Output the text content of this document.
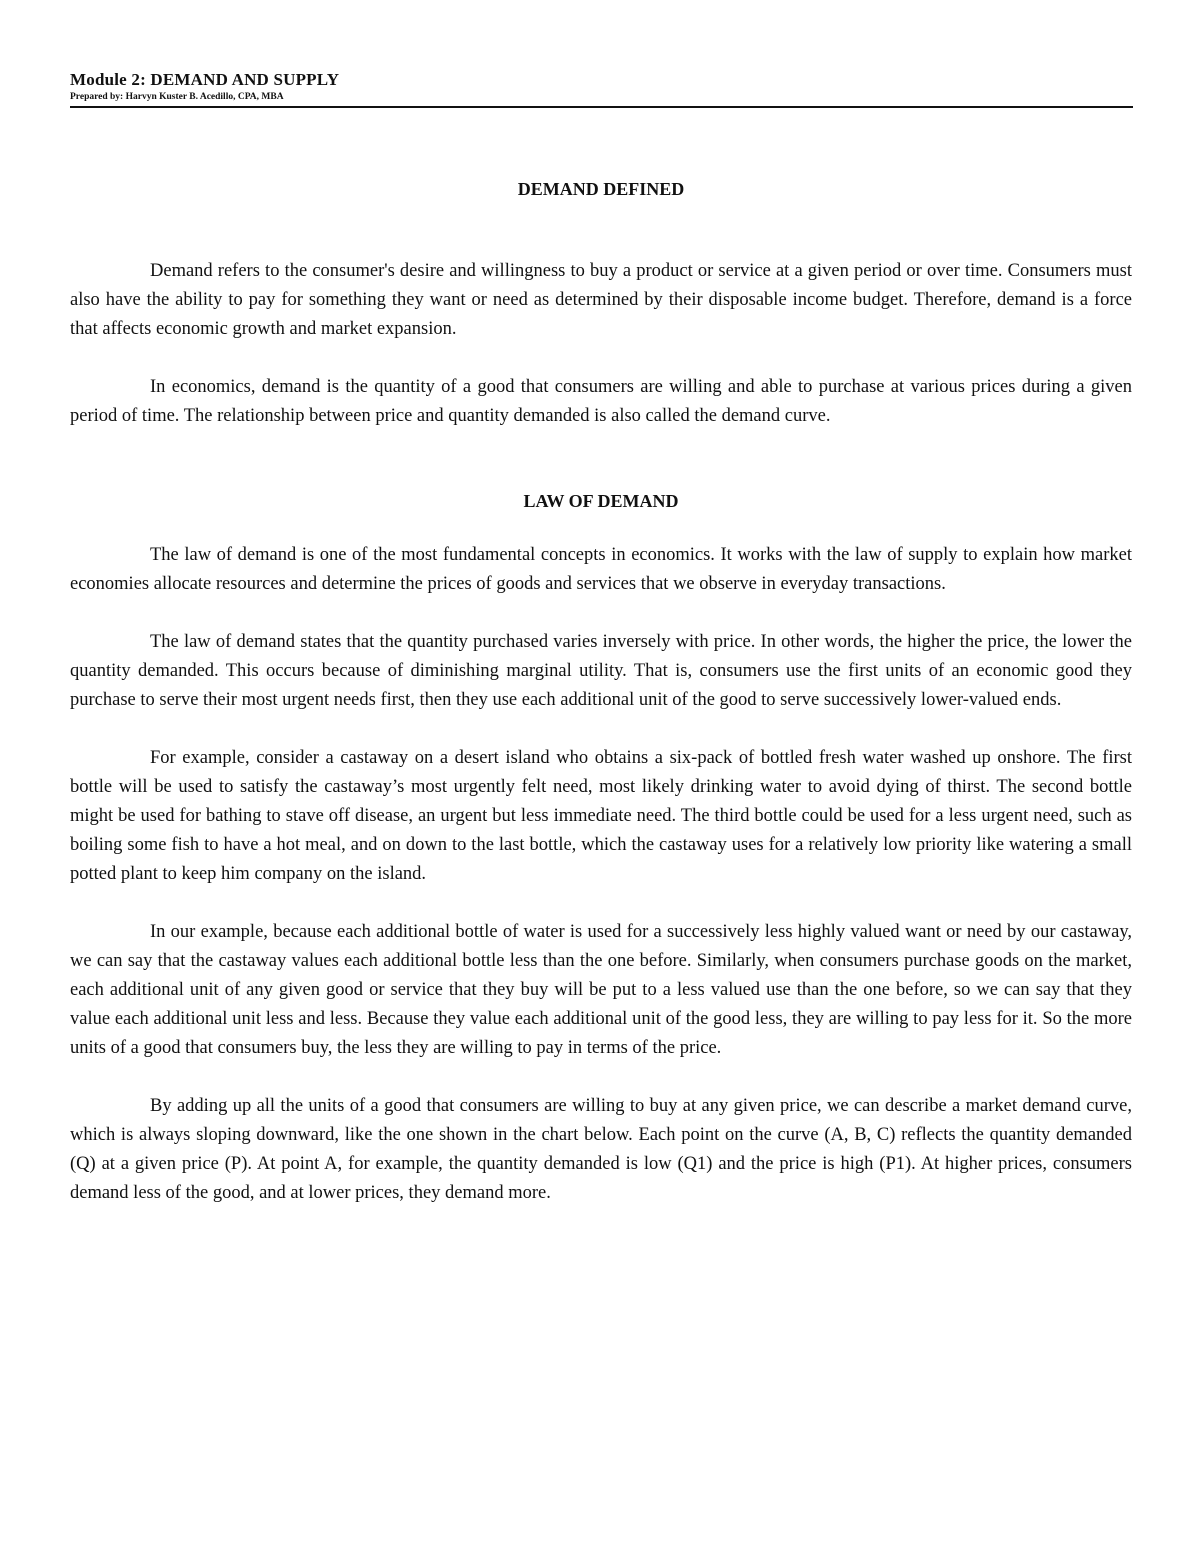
Module 2: DEMAND AND SUPPLY
Prepared by: Harvyn Kuster B. Acedillo, CPA, MBA
DEMAND DEFINED

Demand refers to the consumer's desire and willingness to buy a product or service at a given period or over time. Consumers must also have the ability to pay for something they want or need as determined by their disposable income budget. Therefore, demand is a force that affects economic growth and market expansion.

In economics, demand is the quantity of a good that consumers are willing and able to purchase at various prices during a given period of time. The relationship between price and quantity demanded is also called the demand curve.

LAW OF DEMAND

The law of demand is one of the most fundamental concepts in economics. It works with the law of supply to explain how market economies allocate resources and determine the prices of goods and services that we observe in everyday transactions.

The law of demand states that the quantity purchased varies inversely with price. In other words, the higher the price, the lower the quantity demanded. This occurs because of diminishing marginal utility. That is, consumers use the first units of an economic good they purchase to serve their most urgent needs first, then they use each additional unit of the good to serve successively lower-valued ends.

For example, consider a castaway on a desert island who obtains a six-pack of bottled fresh water washed up onshore. The first bottle will be used to satisfy the castaway’s most urgently felt need, most likely drinking water to avoid dying of thirst. The second bottle might be used for bathing to stave off disease, an urgent but less immediate need. The third bottle could be used for a less urgent need, such as boiling some fish to have a hot meal, and on down to the last bottle, which the castaway uses for a relatively low priority like watering a small potted plant to keep him company on the island.

In our example, because each additional bottle of water is used for a successively less highly valued want or need by our castaway, we can say that the castaway values each additional bottle less than the one before. Similarly, when consumers purchase goods on the market, each additional unit of any given good or service that they buy will be put to a less valued use than the one before, so we can say that they value each additional unit less and less. Because they value each additional unit of the good less, they are willing to pay less for it. So the more units of a good that consumers buy, the less they are willing to pay in terms of the price.

By adding up all the units of a good that consumers are willing to buy at any given price, we can describe a market demand curve, which is always sloping downward, like the one shown in the chart below. Each point on the curve (A, B, C) reflects the quantity demanded (Q) at a given price (P). At point A, for example, the quantity demanded is low (Q1) and the price is high (P1). At higher prices, consumers demand less of the good, and at lower prices, they demand more.
